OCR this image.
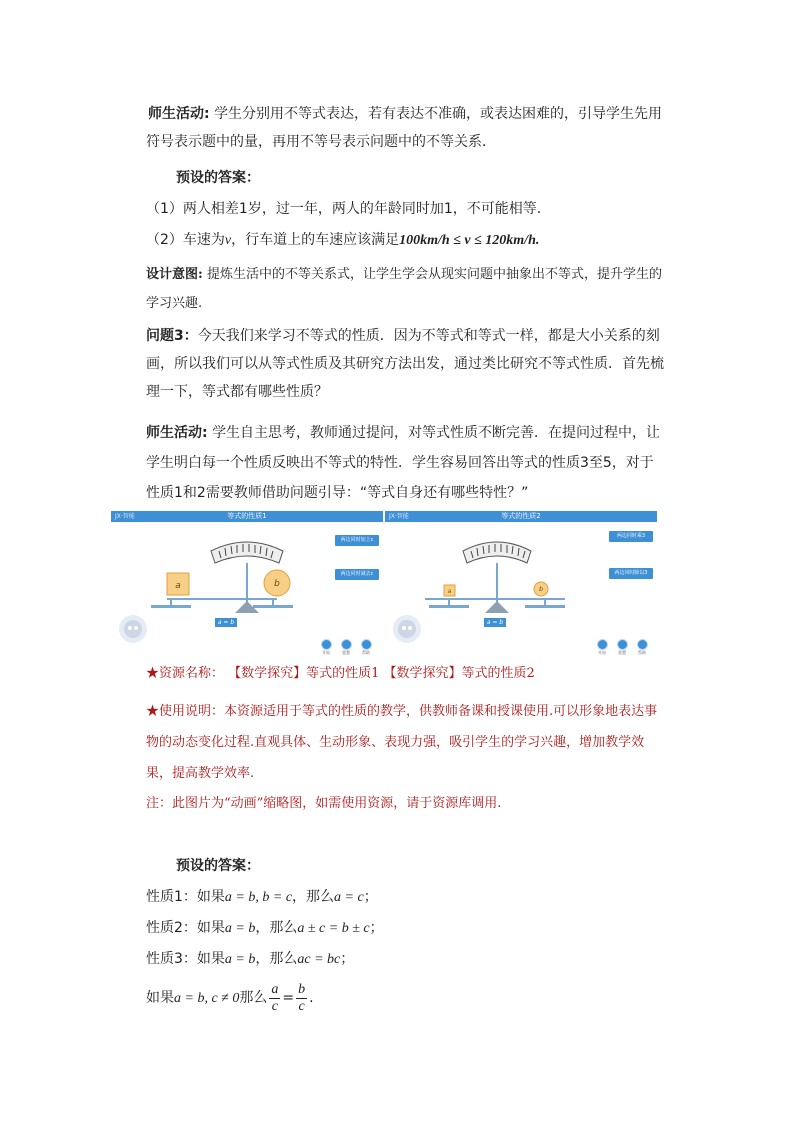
师生活动: 学生分别用不等式表达，若有表达不准确，或表达困难的，引导学生先用符号表示题中的量，再用不等号表示问题中的不等关系．
预设的答案：
（1）两人相差1岁，过一年，两人的年龄同时加1，不可能相等.
（2）车速为v，行车道上的车速应该满足100km/h ≤ v ≤ 120km/h.
设计意图: 提炼生活中的不等关系式，让学生学会从现实问题中抽象出不等式，提升学生的学习兴趣.
问题3：今天我们来学习不等式的性质．因为不等式和等式一样，都是大小关系的刻画，所以我们可以从等式性质及其研究方法出发，通过类比研究不等式性质．首先梳理一下，等式都有哪些性质？
师生活动: 学生自主思考，教师通过提问，对等式性质不断完善．在提问过程中，让学生明白每一个性质反映出不等式的特性．学生容易回答出等式的性质3至5，对于性质1和2需要教师借助问题引导：“等式自身还有哪些特性？”
JX·智能	等式的性质1
a	b
两边同时加上c
两边同时减去c
a = b
开始	重置	帮助
JX·智能	等式的性质2
a	b
两边同时乘3
两边同时除以3
a = b
开始	重置	帮助
★资源名称： 【数学探究】等式的性质1 【数学探究】等式的性质2
★使用说明：本资源适用于等式的性质的教学，供教师备课和授课使用.可以形象地表达事物的动态变化过程.直观具体、生动形象、表现力强，吸引学生的学习兴趣，增加教学效果，提高教学效率.
注：此图片为“动画”缩略图，如需使用资源，请于资源库调用.
预设的答案：
性质1：如果a = b, b = c，那么a = c；
性质2：如果a = b，那么a ± c = b ± c；
性质3：如果a = b，那么ac = bc；
如果a = b, c ≠ 0那么 $\frac{a}{c} = \frac{b}{c}$ .
